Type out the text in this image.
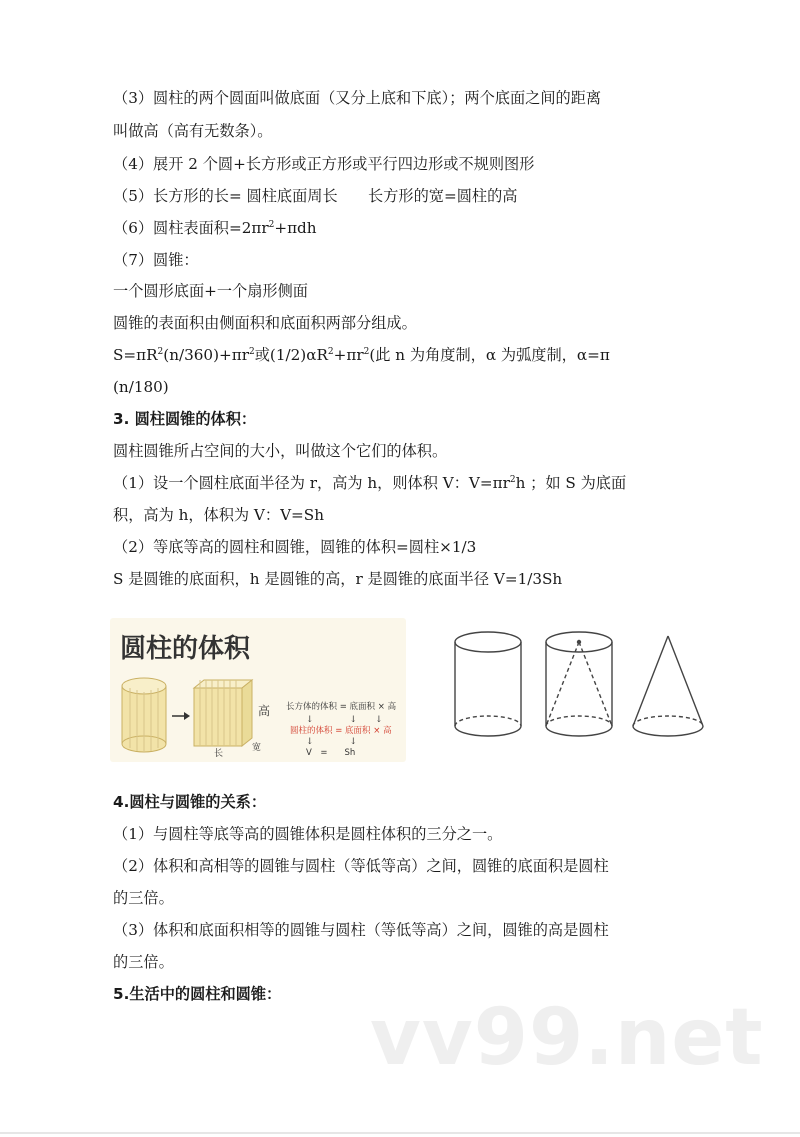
（3）圆柱的两个圆面叫做底面（又分上底和下底）；两个底面之间的距离
叫做高（高有无数条）。
（4）展开 2 个圆+长方形或正方形或平行四边形或不规则图形
（5）长方形的长= 圆柱底面周长　　长方形的宽=圆柱的高
（6）圆柱表面积$=2\pi r^2+\pi dh$
（7）圆锥：
一个圆形底面+一个扇形侧面
圆锥的表面积由侧面积和底面积两部分组成。
$S=\pi R^2(n/360)+\pi r^2$或$(1/2)\alpha R^2+\pi r^2$(此 n 为角度制，α 为弧度制，α=π
(n/180)
3. 圆柱圆锥的体积：
圆柱圆锥所占空间的大小，叫做这个它们的体积。
（1）设一个圆柱底面半径为 r，高为 h，则体积 V：$V=\pi r^2h$ ；如 S 为底面
积，高为 h，体积为 V：V=Sh
（2）等底等高的圆柱和圆锥，圆锥的体积=圆柱×1/3
S 是圆锥的底面积，h 是圆锥的高，r 是圆锥的底面半径 V=1/3Sh
圆柱的体积
高
长
宽
长方体的体积 = 底面积 × 高
↓　　　　↓　　↓
圆柱的体积 = 底面积 × 高
↓　　　　↓
V　=　　Sh
4.圆柱与圆锥的关系：
（1）与圆柱等底等高的圆锥体积是圆柱体积的三分之一。
（2）体积和高相等的圆锥与圆柱（等低等高）之间，圆锥的底面积是圆柱
的三倍。
（3）体积和底面积相等的圆锥与圆柱（等低等高）之间，圆锥的高是圆柱
的三倍。
5.生活中的圆柱和圆锥：	vv99.net
